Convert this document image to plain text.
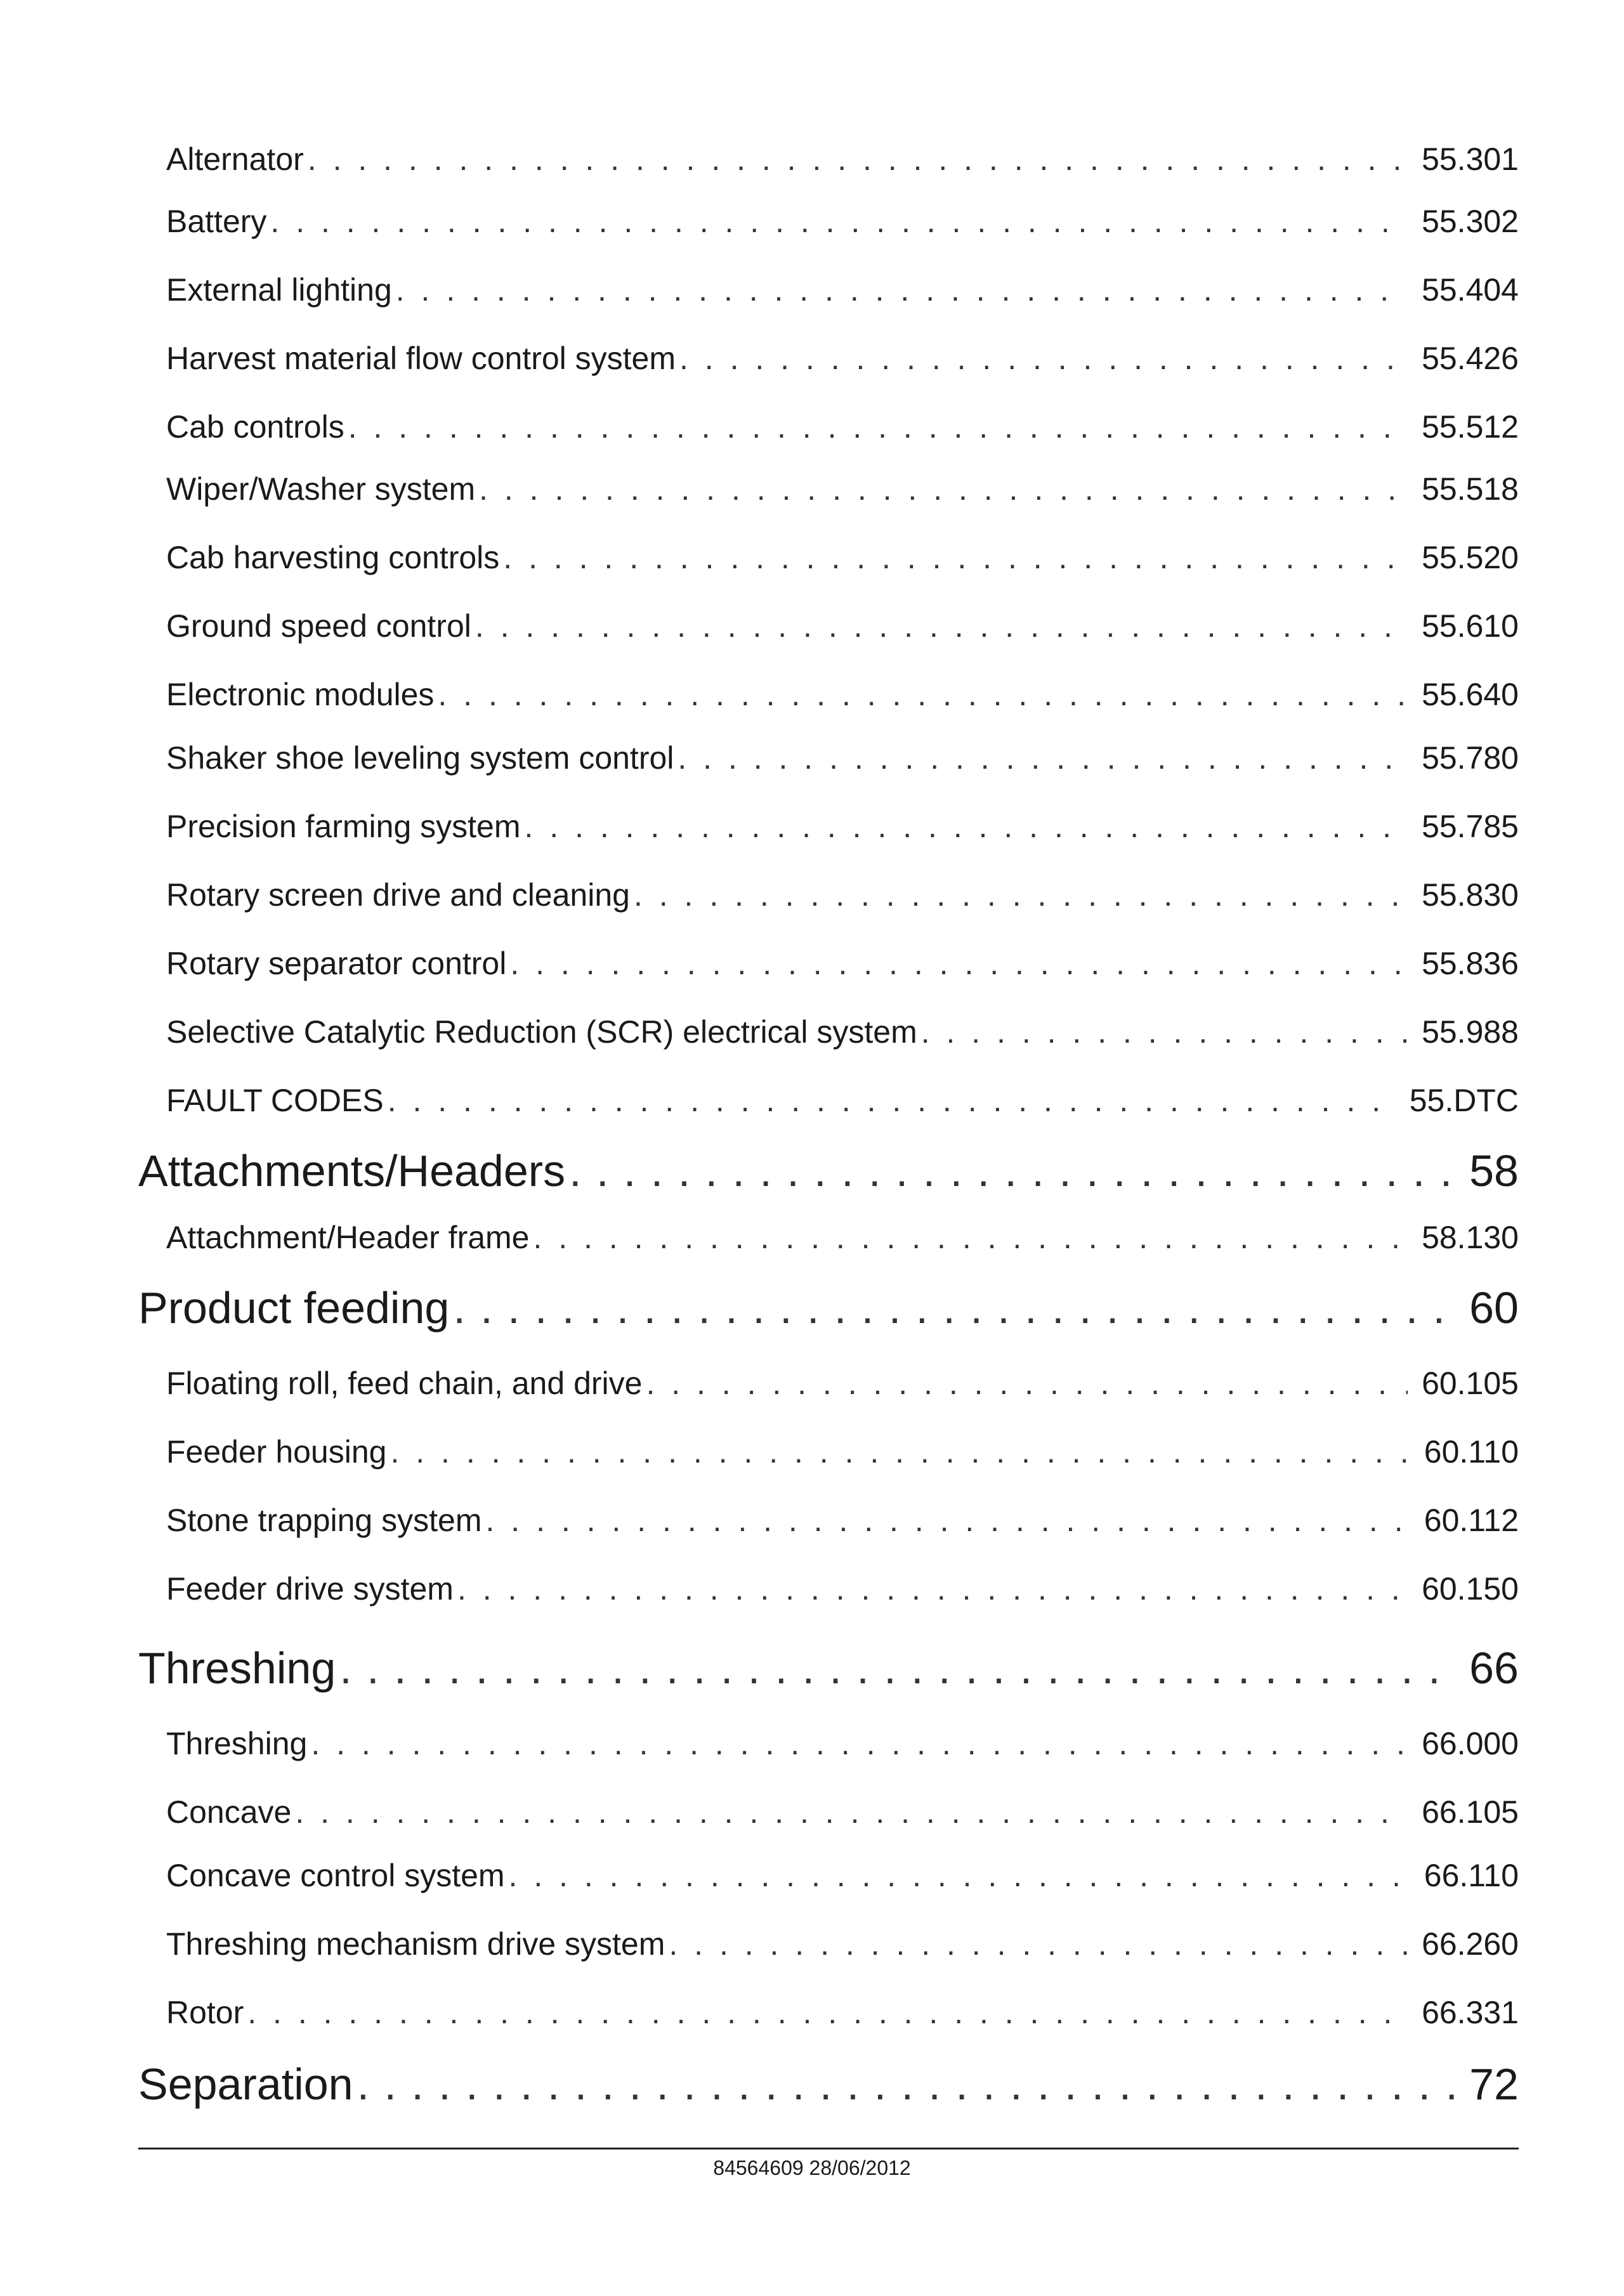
Alternator . . .	55.301
Battery . . .	55.302
External lighting . . .	55.404
Harvest material flow control system . . .	55.426
Cab controls . . .	55.512
Wiper/Washer system . . .	55.518
Cab harvesting controls . . .	55.520
Ground speed control . . .	55.610
Electronic modules . . .	55.640
Shaker shoe leveling system control . . .	55.780
Precision farming system . . .	55.785
Rotary screen drive and cleaning . . .	55.830
Rotary separator control . . .	55.836
Selective Catalytic Reduction (SCR) electrical system . . .	55.988
FAULT CODES . . .	55.DTC
Attachments/Headers . . .	58
Attachment/Header frame . . .	58.130
Product feeding . . .	60
Floating roll, feed chain, and drive . . .	60.105
Feeder housing . . .	60.110
Stone trapping system . . .	60.112
Feeder drive system . . .	60.150
Threshing . . .	66
Threshing . . .	66.000
Concave . . .	66.105
Concave control system . . .	66.110
Threshing mechanism drive system . . .	66.260
Rotor . . .	66.331
Separation . . .	72
84564609 28/06/2012
